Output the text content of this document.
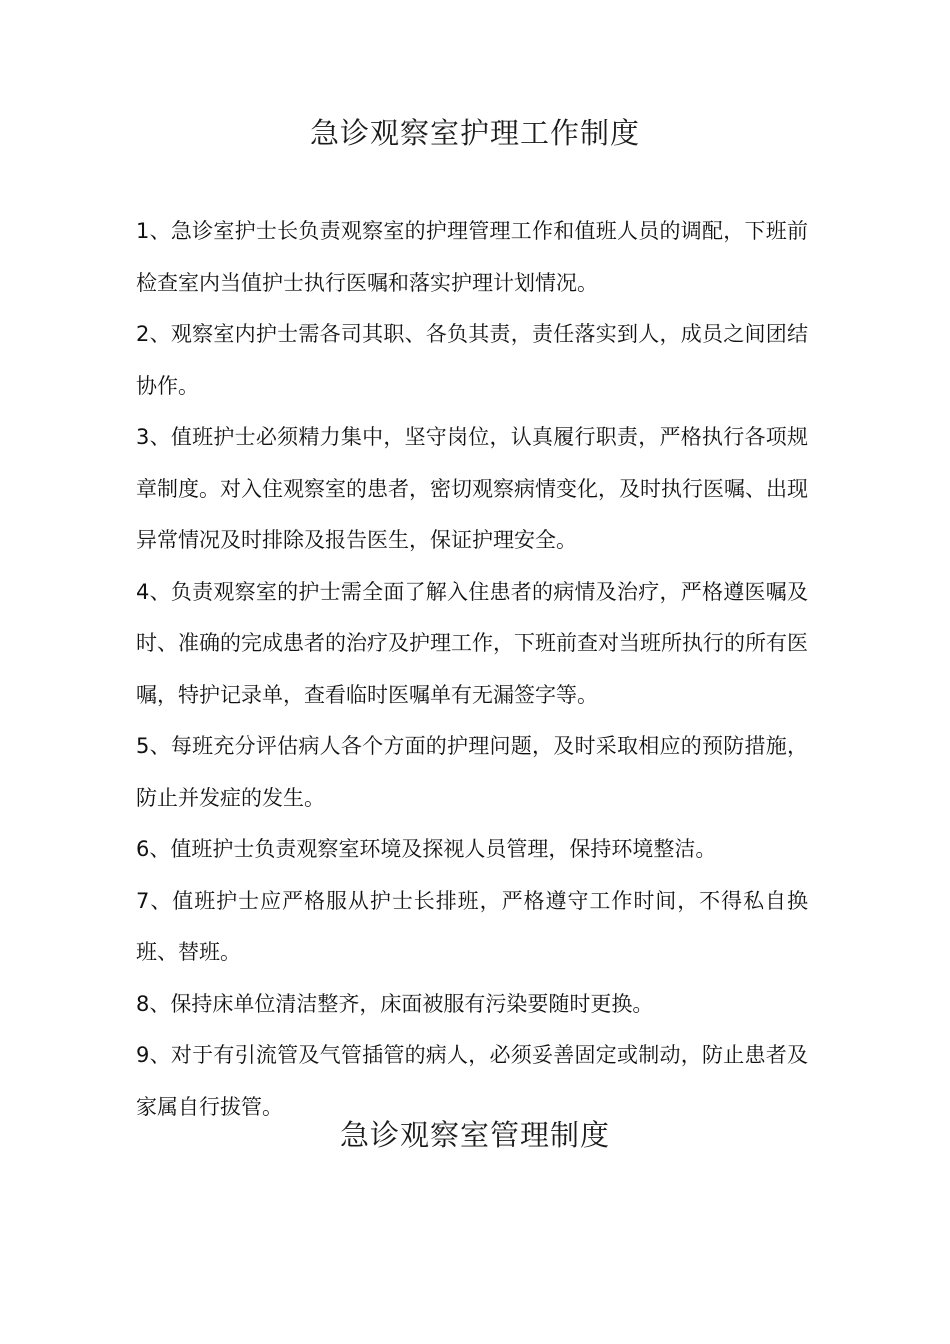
急诊观察室护理工作制度
1、急诊室护士长负责观察室的护理管理工作和值班人员的调配，下班前检查室内当值护士执行医嘱和落实护理计划情况。
2、观察室内护士需各司其职、各负其责，责任落实到人，成员之间团结协作。
3、值班护士必须精力集中，坚守岗位，认真履行职责，严格执行各项规章制度。对入住观察室的患者，密切观察病情变化，及时执行医嘱、出现异常情况及时排除及报告医生，保证护理安全。
4、负责观察室的护士需全面了解入住患者的病情及治疗，严格遵医嘱及时、准确的完成患者的治疗及护理工作，下班前查对当班所执行的所有医嘱，特护记录单，查看临时医嘱单有无漏签字等。
5、每班充分评估病人各个方面的护理问题，及时采取相应的预防措施，防止并发症的发生。
6、值班护士负责观察室环境及探视人员管理，保持环境整洁。
7、值班护士应严格服从护士长排班，严格遵守工作时间，不得私自换班、替班。
8、保持床单位清洁整齐，床面被服有污染要随时更换。
9、对于有引流管及气管插管的病人，必须妥善固定或制动，防止患者及家属自行拔管。
急诊观察室管理制度
